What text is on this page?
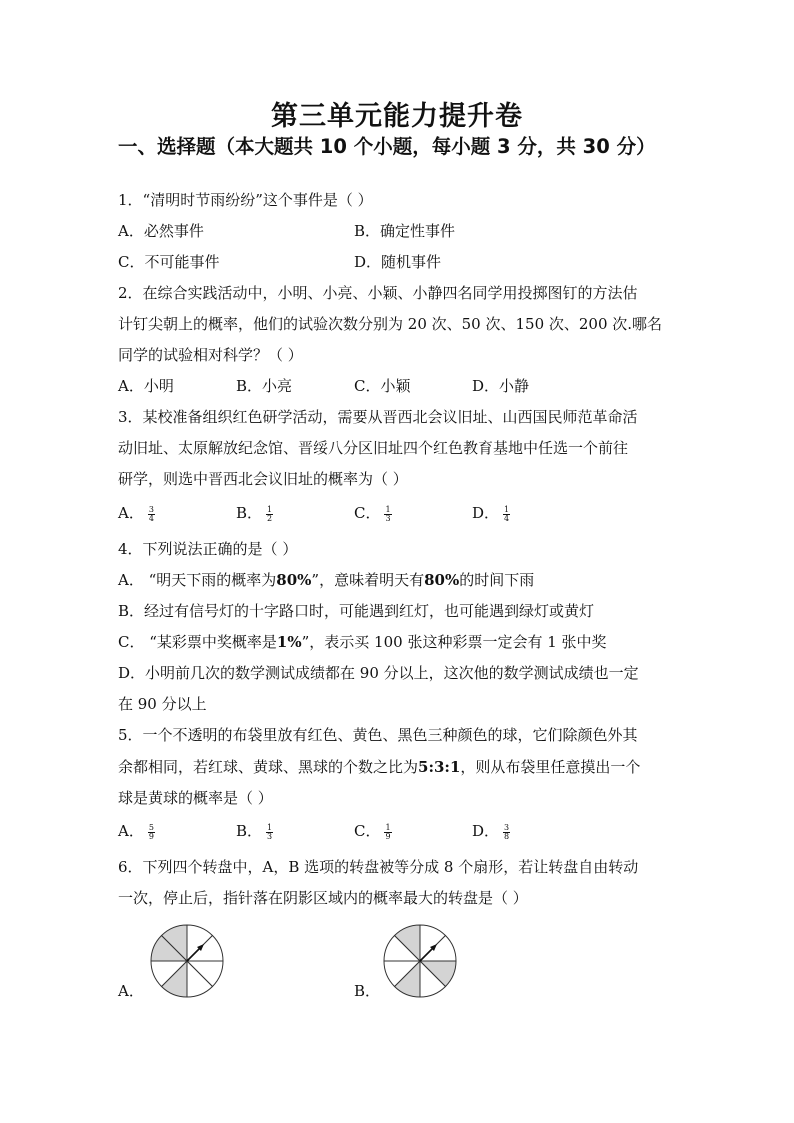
第三单元能力提升卷
一、选择题（本大题共 10 个小题，每小题 3 分，共 30 分）
1．“清明时节雨纷纷”这个事件是（ ）
A．必然事件	B．确定性事件
C．不可能事件	D．随机事件
2．在综合实践活动中，小明、小亮、小颖、小静四名同学用投掷图钉的方法估
计钉尖朝上的概率，他们的试验次数分别为 20 次、50 次、150 次、200 次.哪名
同学的试验相对科学？（ ）
A．小明	B．小亮	C．小颖	D．小静
3．某校准备组织红色研学活动，需要从晋西北会议旧址、山西国民师范革命活
动旧址、太原解放纪念馆、晋绥八分区旧址四个红色教育基地中任选一个前往
研学，则选中晋西北会议旧址的概率为（ ）
A． $\frac{3}{4}$	B． $\frac{1}{2}$	C． $\frac{1}{3}$	D． $\frac{1}{4}$
4．下列说法正确的是（ ）
A． “明天下雨的概率为80%”，意味着明天有80%的时间下雨
B．经过有信号灯的十字路口时，可能遇到红灯，也可能遇到绿灯或黄灯
C． “某彩票中奖概率是1%”，表示买 100 张这种彩票一定会有 1 张中奖
D．小明前几次的数学测试成绩都在 90 分以上，这次他的数学测试成绩也一定
在 90 分以上
5．一个不透明的布袋里放有红色、黄色、黑色三种颜色的球，它们除颜色外其
余都相同，若红球、黄球、黑球的个数之比为5:3:1，则从布袋里任意摸出一个
球是黄球的概率是（ ）
A． $\frac{5}{9}$	B． $\frac{1}{3}$	C． $\frac{1}{9}$	D． $\frac{3}{8}$
6．下列四个转盘中，A，B 选项的转盘被等分成 8 个扇形，若让转盘自由转动
一次，停止后，指针落在阴影区域内的概率最大的转盘是（ ）
A．	B．
